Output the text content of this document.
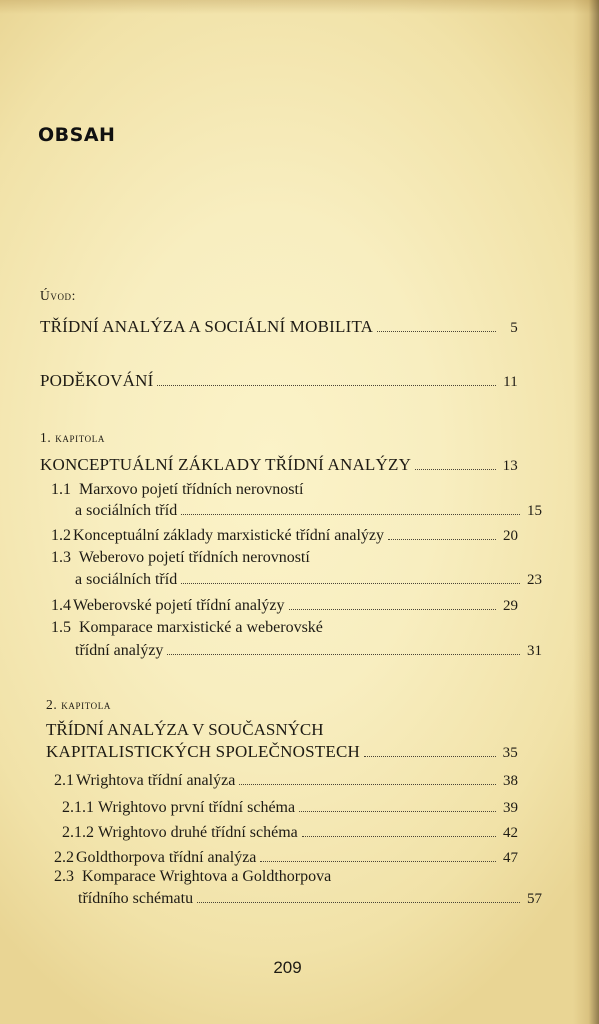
OBSAH
Úvod:
TŘÍDNÍ ANALÝZA A SOCIÁLNÍ MOBILITA	5
PODĚKOVÁNÍ	11
1. kapitola
KONCEPTUÁLNÍ ZÁKLADY TŘÍDNÍ ANALÝZY	13
1.1 Marxovo pojetí třídních nerovností
a sociálních tříd	15
1.2 Konceptuální základy marxistické třídní analýzy	20
1.3 Weberovo pojetí třídních nerovností
a sociálních tříd	23
1.4 Weberovské pojetí třídní analýzy	29
1.5 Komparace marxistické a weberovské
třídní analýzy	31
2. kapitola
TŘÍDNÍ ANALÝZA V SOUČASNÝCH
KAPITALISTICKÝCH SPOLEČNOSTECH	35
2.1 Wrightova třídní analýza	38
2.1.1 Wrightovo první třídní schéma	39
2.1.2 Wrightovo druhé třídní schéma	42
2.2 Goldthorpova třídní analýza	47
2.3 Komparace Wrightova a Goldthorpova
třídního schématu	57
209
